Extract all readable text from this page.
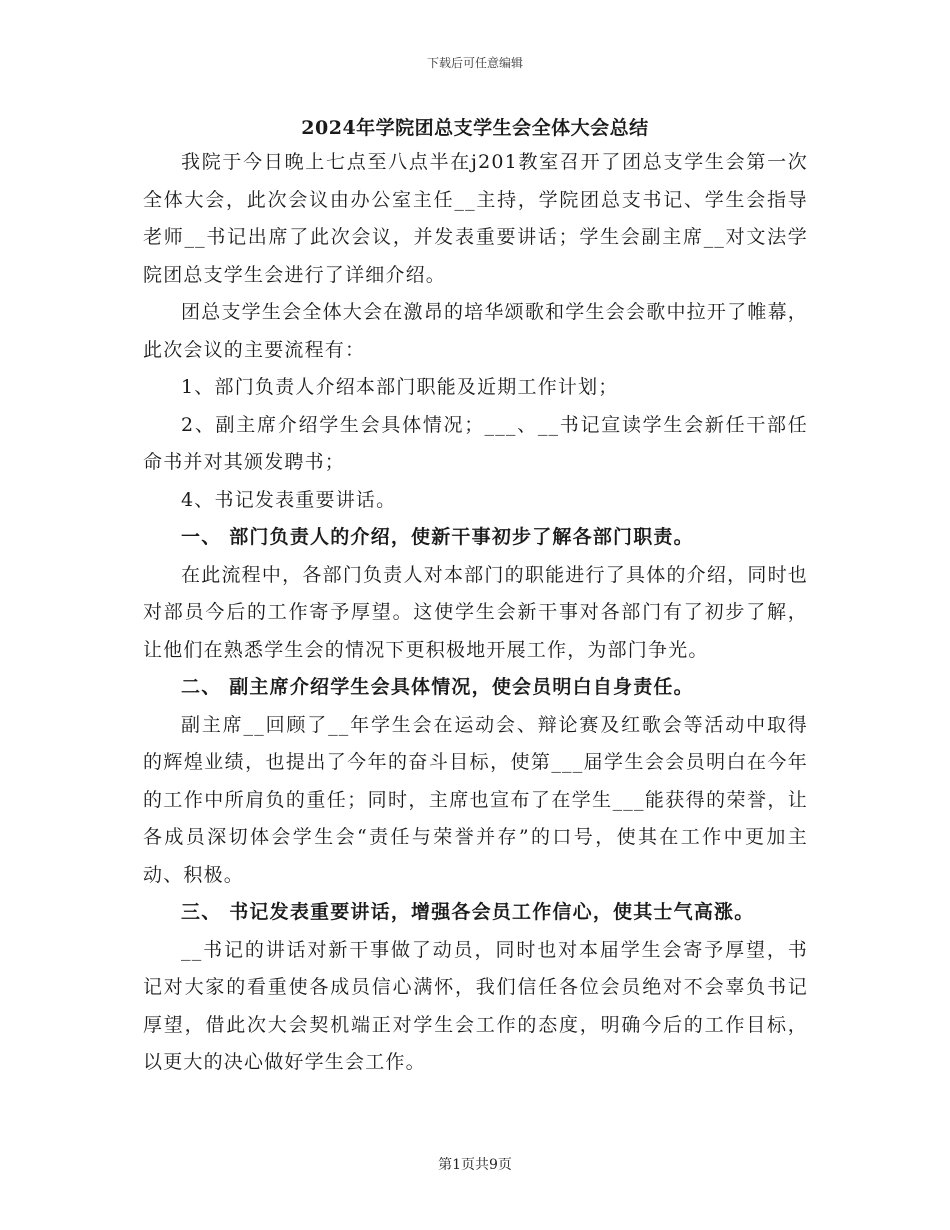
下载后可任意编辑
2024年学院团总支学生会全体大会总结

我院于今日晚上七点至八点半在j201教室召开了团总支学生会第一次全体大会，此次会议由办公室主任__主持，学院团总支书记、学生会指导老师__书记出席了此次会议，并发表重要讲话；学生会副主席__对文法学院团总支学生会进行了详细介绍。

团总支学生会全体大会在激昂的培华颂歌和学生会会歌中拉开了帷幕，此次会议的主要流程有：

1、部门负责人介绍本部门职能及近期工作计划；

2、副主席介绍学生会具体情况；___、__书记宣读学生会新任干部任命书并对其颁发聘书；

4、书记发表重要讲话。

一、 部门负责人的介绍，使新干事初步了解各部门职责。

在此流程中，各部门负责人对本部门的职能进行了具体的介绍，同时也对部员今后的工作寄予厚望。这使学生会新干事对各部门有了初步了解，让他们在熟悉学生会的情况下更积极地开展工作，为部门争光。

二、 副主席介绍学生会具体情况，使会员明白自身责任。

副主席__回顾了__年学生会在运动会、辩论赛及红歌会等活动中取得的辉煌业绩，也提出了今年的奋斗目标，使第___届学生会会员明白在今年的工作中所肩负的重任；同时，主席也宣布了在学生___能获得的荣誉，让各成员深切体会学生会“责任与荣誉并存”的口号，使其在工作中更加主动、积极。

三、 书记发表重要讲话，增强各会员工作信心，使其士气高涨。

__书记的讲话对新干事做了动员，同时也对本届学生会寄予厚望，书记对大家的看重使各成员信心满怀，我们信任各位会员绝对不会辜负书记厚望，借此次大会契机端正对学生会工作的态度，明确今后的工作目标，以更大的决心做好学生会工作。

第1页共9页
